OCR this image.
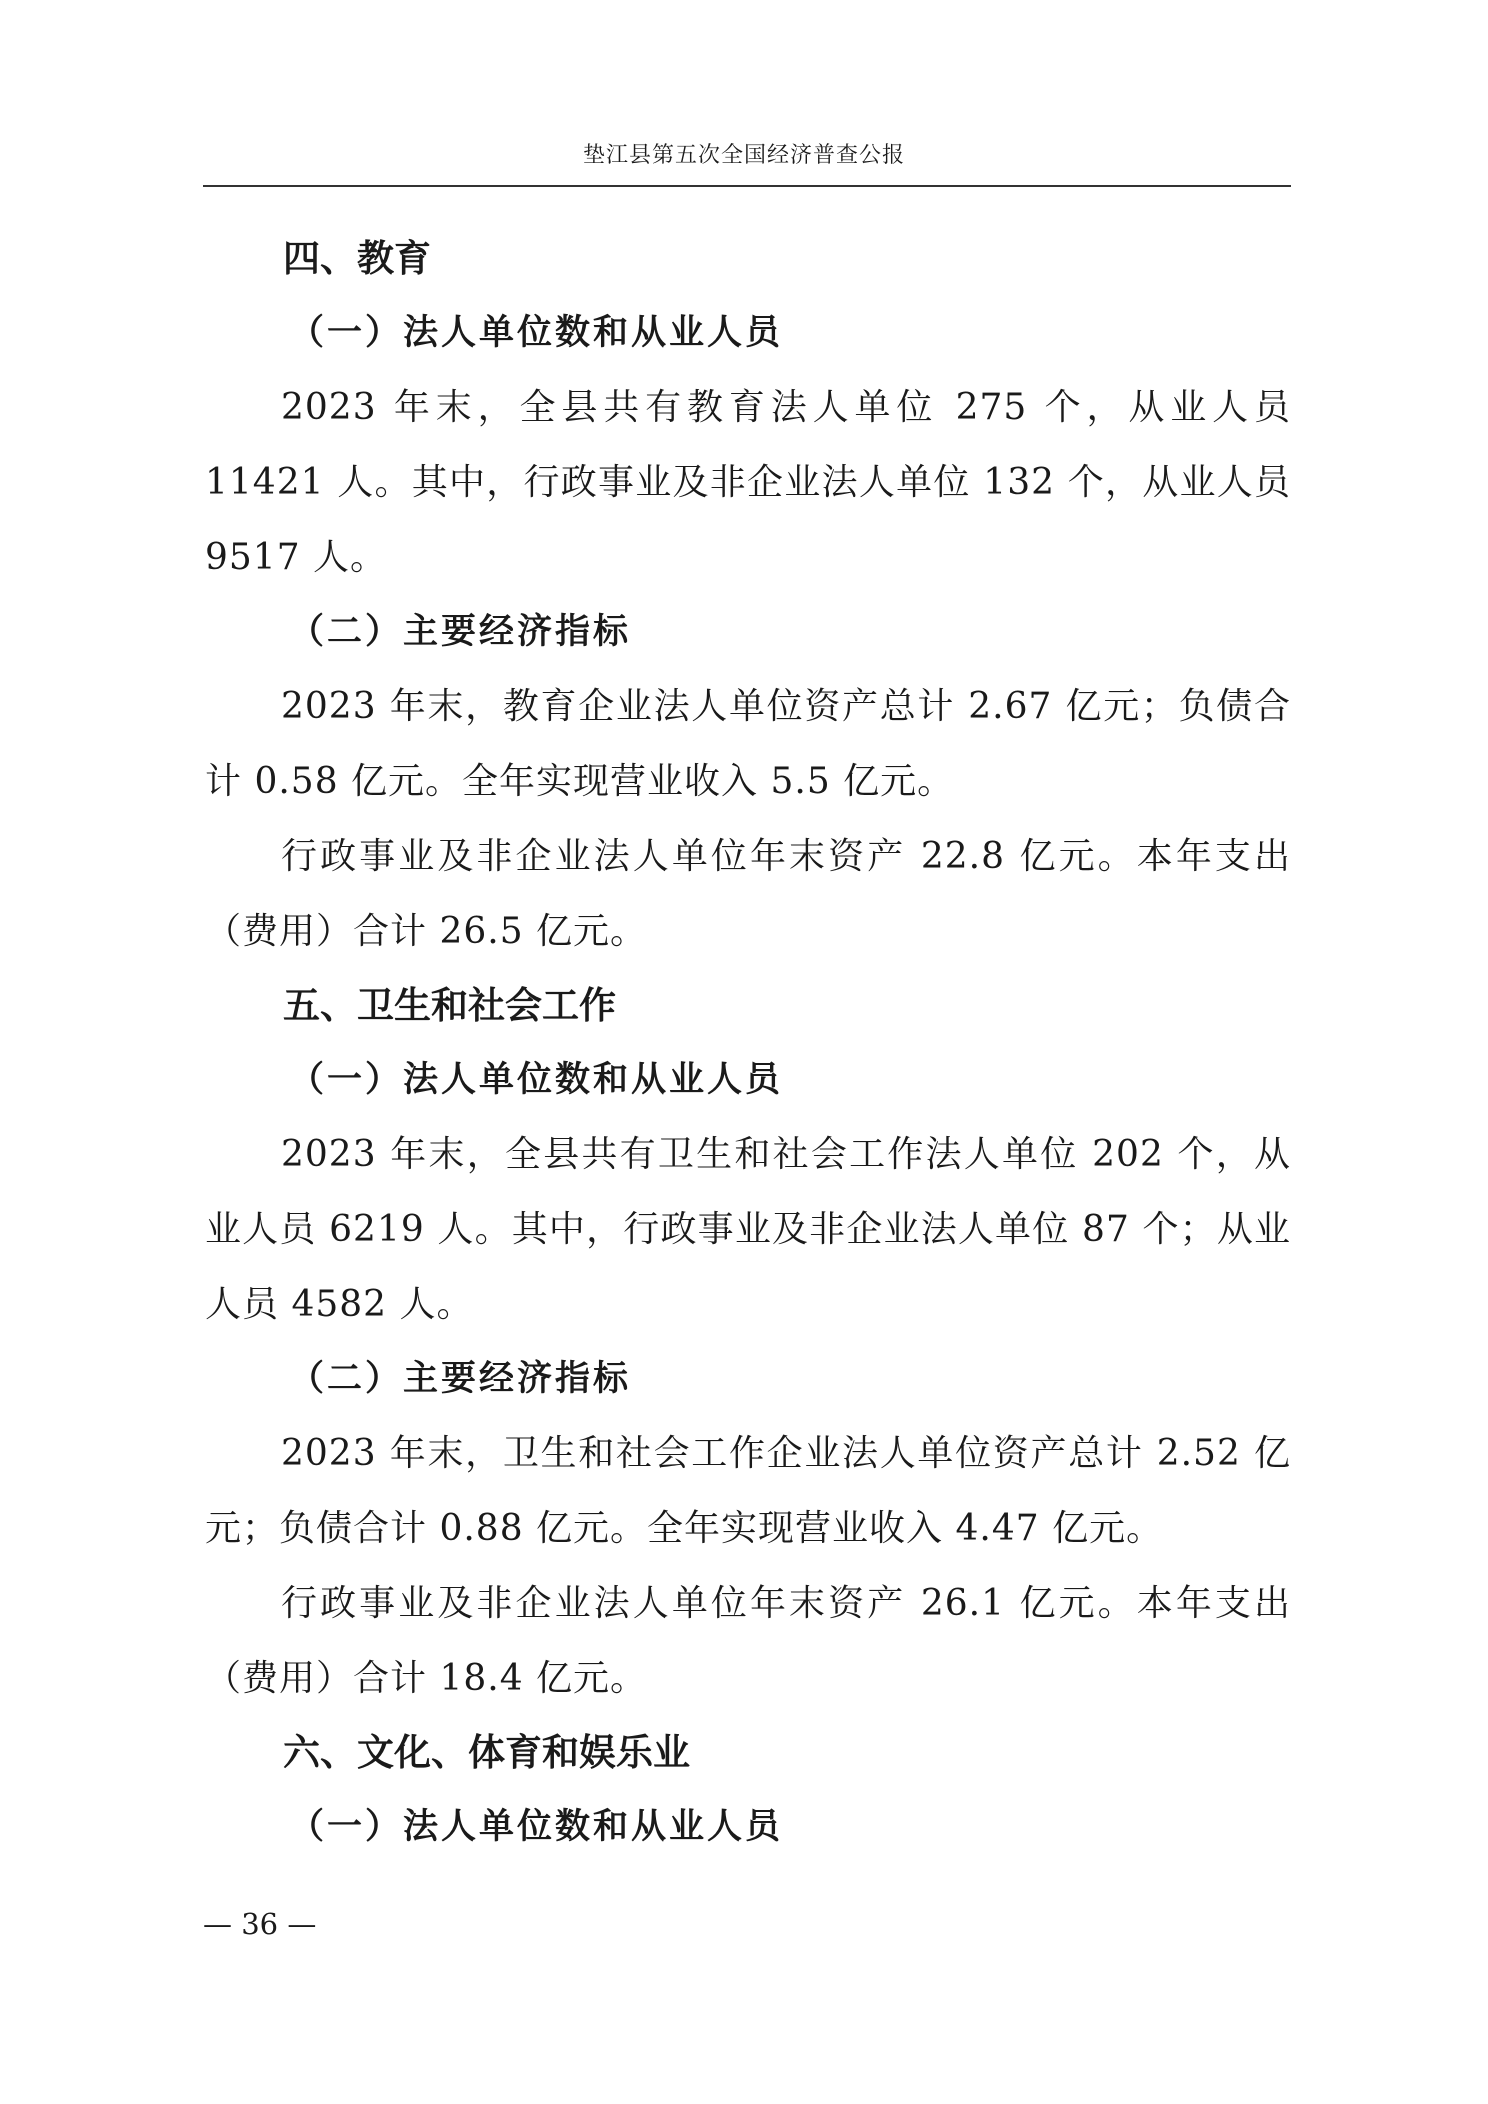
垫江县第五次全国经济普查公报
四、教育
（一）法人单位数和从业人员

2023 年末，全县共有教育法人单位 275 个，从业人员 11421 人。其中，行政事业及非企业法人单位 132 个，从业人员 9517 人。

（二）主要经济指标

2023 年末，教育企业法人单位资产总计 2.67 亿元；负债合计 0.58 亿元。全年实现营业收入 5.5 亿元。

行政事业及非企业法人单位年末资产 22.8 亿元。本年支出（费用）合计 26.5 亿元。

五、卫生和社会工作
（一）法人单位数和从业人员

2023 年末，全县共有卫生和社会工作法人单位 202 个，从业人员 6219 人。其中，行政事业及非企业法人单位 87 个；从业人员 4582 人。

（二）主要经济指标

2023 年末，卫生和社会工作企业法人单位资产总计 2.52 亿元；负债合计 0.88 亿元。全年实现营业收入 4.47 亿元。

行政事业及非企业法人单位年末资产 26.1 亿元。本年支出（费用）合计 18.4 亿元。

六、文化、体育和娱乐业
（一）法人单位数和从业人员
— 36 —
